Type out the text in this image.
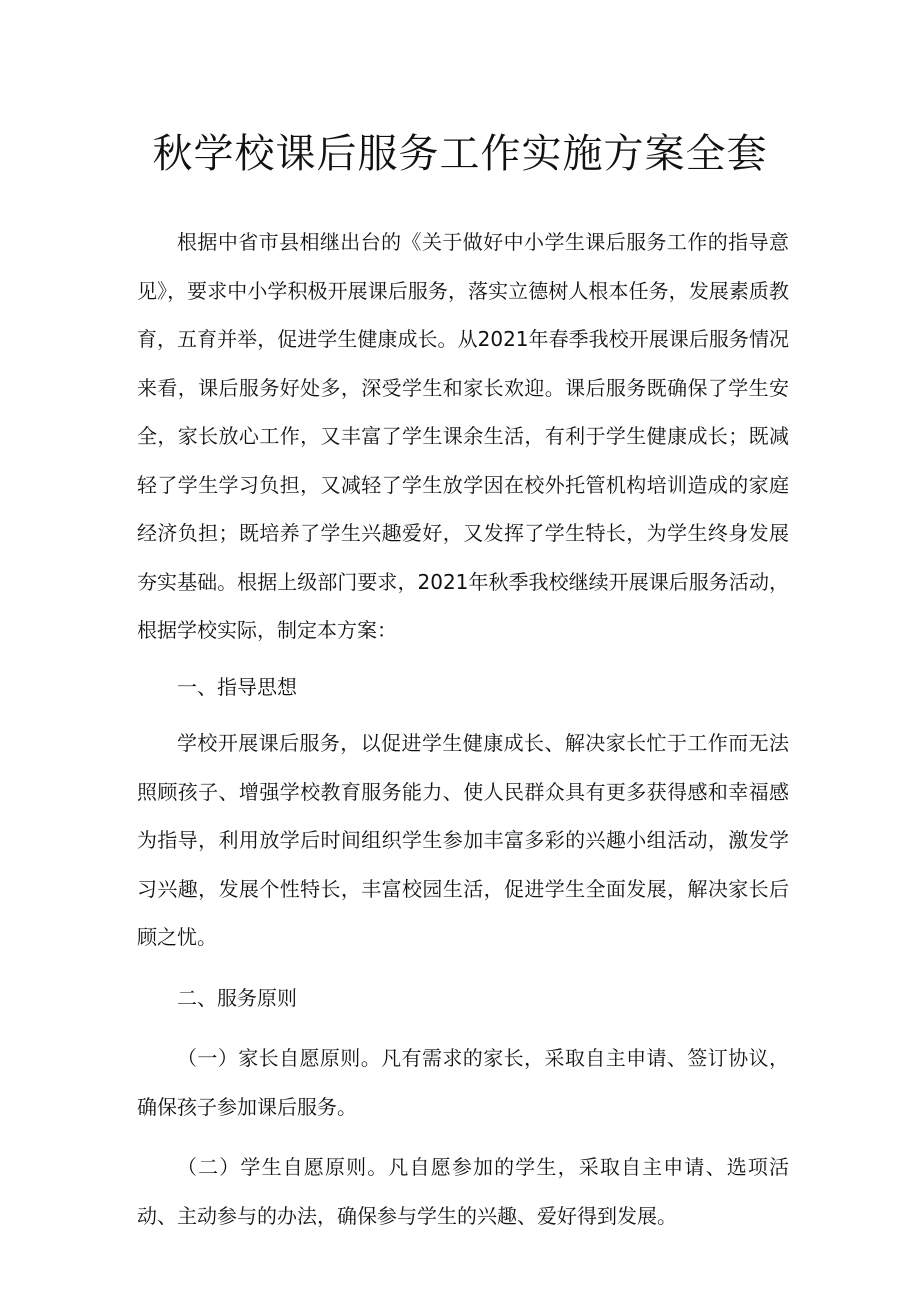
秋学校课后服务工作实施方案全套

根据中省市县相继出台的《关于做好中小学生课后服务工作的指导意见》，要求中小学积极开展课后服务，落实立德树人根本任务，发展素质教育，五育并举，促进学生健康成长。从2021年春季我校开展课后服务情况来看，课后服务好处多，深受学生和家长欢迎。课后服务既确保了学生安全，家长放心工作，又丰富了学生课余生活，有利于学生健康成长；既减轻了学生学习负担，又减轻了学生放学因在校外托管机构培训造成的家庭经济负担；既培养了学生兴趣爱好，又发挥了学生特长，为学生终身发展夯实基础。根据上级部门要求，2021年秋季我校继续开展课后服务活动，根据学校实际，制定本方案：

一、指导思想

学校开展课后服务，以促进学生健康成长、解决家长忙于工作而无法照顾孩子、增强学校教育服务能力、使人民群众具有更多获得感和幸福感为指导，利用放学后时间组织学生参加丰富多彩的兴趣小组活动，激发学习兴趣，发展个性特长，丰富校园生活，促进学生全面发展，解决家长后顾之忧。

二、服务原则

（一）家长自愿原则。凡有需求的家长，采取自主申请、签订协议，确保孩子参加课后服务。

（二）学生自愿原则。凡自愿参加的学生，采取自主申请、选项活动、主动参与的办法，确保参与学生的兴趣、爱好得到发展。
